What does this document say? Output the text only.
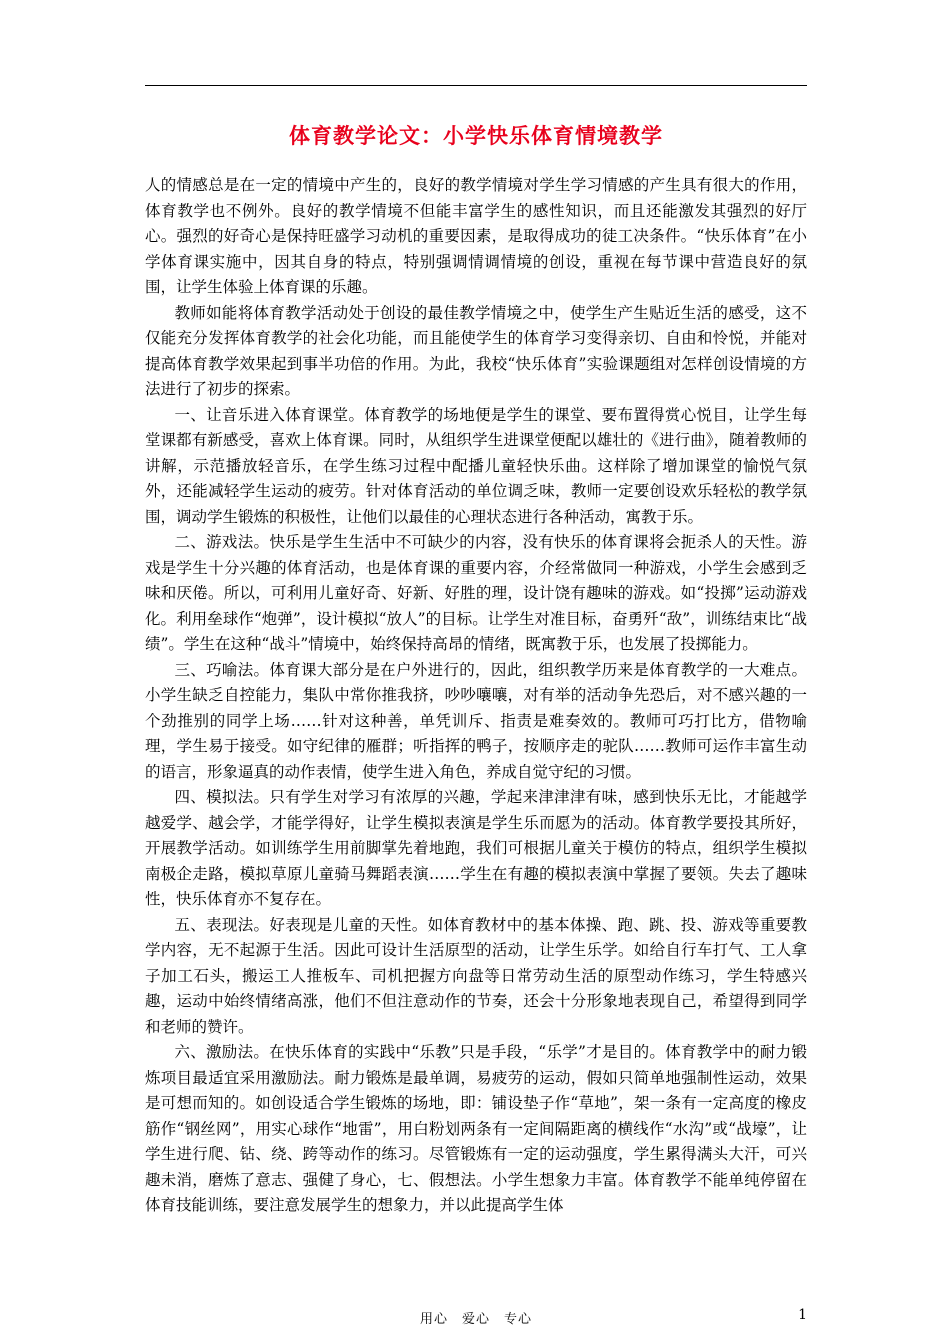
体育教学论文：小学快乐体育情境教学

人的情感总是在一定的情境中产生的，良好的教学情境对学生学习情感的产生具有很大的作用，体育教学也不例外。良好的教学情境不但能丰富学生的感性知识，而且还能激发其强烈的好厅心。强烈的好奇心是保持旺盛学习动机的重要因素，是取得成功的徒工决条件。“快乐体育”在小学体育课实施中，因其自身的特点，特别强调情调情境的创设，重视在每节课中营造良好的氛围，让学生体验上体育课的乐趣。

教师如能将体育教学活动处于创设的最佳教学情境之中，使学生产生贴近生活的感受，这不仅能充分发挥体育教学的社会化功能，而且能使学生的体育学习变得亲切、自由和怜悦，并能对提高体育教学效果起到事半功倍的作用。为此，我校“快乐体育”实验课题组对怎样创设情境的方法进行了初步的探索。

一、让音乐进入体育课堂。体育教学的场地便是学生的课堂、要布置得赏心悦目，让学生每堂课都有新感受，喜欢上体育课。同时，从组织学生进课堂便配以雄壮的《进行曲》，随着教师的讲解，示范播放轻音乐，在学生练习过程中配播儿童轻快乐曲。这样除了增加课堂的愉悦气氛外，还能减轻学生运动的疲劳。针对体育活动的单位调乏味，教师一定要创设欢乐轻松的教学氛围，调动学生锻炼的积极性，让他们以最佳的心理状态进行各种活动，寓教于乐。

二、游戏法。快乐是学生生活中不可缺少的内容，没有快乐的体育课将会扼杀人的天性。游戏是学生十分兴趣的体育活动，也是体育课的重要内容，介经常做同一种游戏，小学生会感到乏味和厌倦。所以，可利用儿童好奇、好新、好胜的理，设计饶有趣味的游戏。如“投掷”运动游戏化。利用垒球作“炮弹”，设计模拟“放人”的目标。让学生对准目标，奋勇歼“敌”，训练结束比“战绩”。学生在这种“战斗”情境中，始终保持高昂的情绪，既寓教于乐，也发展了投掷能力。

三、巧喻法。体育课大部分是在户外进行的，因此，组织教学历来是体育教学的一大难点。小学生缺乏自控能力，集队中常你推我挤，吵吵嚷嚷，对有举的活动争先恐后，对不感兴趣的一个劲推别的同学上场……针对这种善，单凭训斥、指责是难奏效的。教师可巧打比方，借物喻理，学生易于接受。如守纪律的雁群；听指挥的鸭子，按顺序走的驼队……教师可运作丰富生动的语言，形象逼真的动作表情，使学生进入角色，养成自觉守纪的习惯。

四、模拟法。只有学生对学习有浓厚的兴趣，学起来津津津有味，感到快乐无比，才能越学越爱学、越会学，才能学得好，让学生模拟表演是学生乐而愿为的活动。体育教学要投其所好，开展教学活动。如训练学生用前脚掌先着地跑，我们可根据儿童关于模仿的特点，组织学生模拟南极企走路，模拟草原儿童骑马舞蹈表演……学生在有趣的模拟表演中掌握了要领。失去了趣味性，快乐体育亦不复存在。

五、表现法。好表现是儿童的天性。如体育教材中的基本体操、跑、跳、投、游戏等重要教学内容，无不起源于生活。因此可设计生活原型的活动，让学生乐学。如给自行车打气、工人拿子加工石头，搬运工人推板车、司机把握方向盘等日常劳动生活的原型动作练习，学生特感兴趣，运动中始终情绪高涨，他们不但注意动作的节奏，还会十分形象地表现自己，希望得到同学和老师的赞许。

六、激励法。在快乐体育的实践中“乐教”只是手段，“乐学”才是目的。体育教学中的耐力锻炼项目最适宜采用激励法。耐力锻炼是最单调，易疲劳的运动，假如只简单地强制性运动，效果是可想而知的。如创设适合学生锻炼的场地，即：铺设垫子作“草地”，架一条有一定高度的橡皮筋作“钢丝网”，用实心球作“地雷”，用白粉划两条有一定间隔距离的横线作“水沟”或“战壕”，让学生进行爬、钻、绕、跨等动作的练习。尽管锻炼有一定的运动强度，学生累得满头大汗，可兴趣未消，磨炼了意志、强健了身心，七、假想法。小学生想象力丰富。体育教学不能单纯停留在体育技能训练，要注意发展学生的想象力，并以此提高学生体

用心　爱心　专心	1
